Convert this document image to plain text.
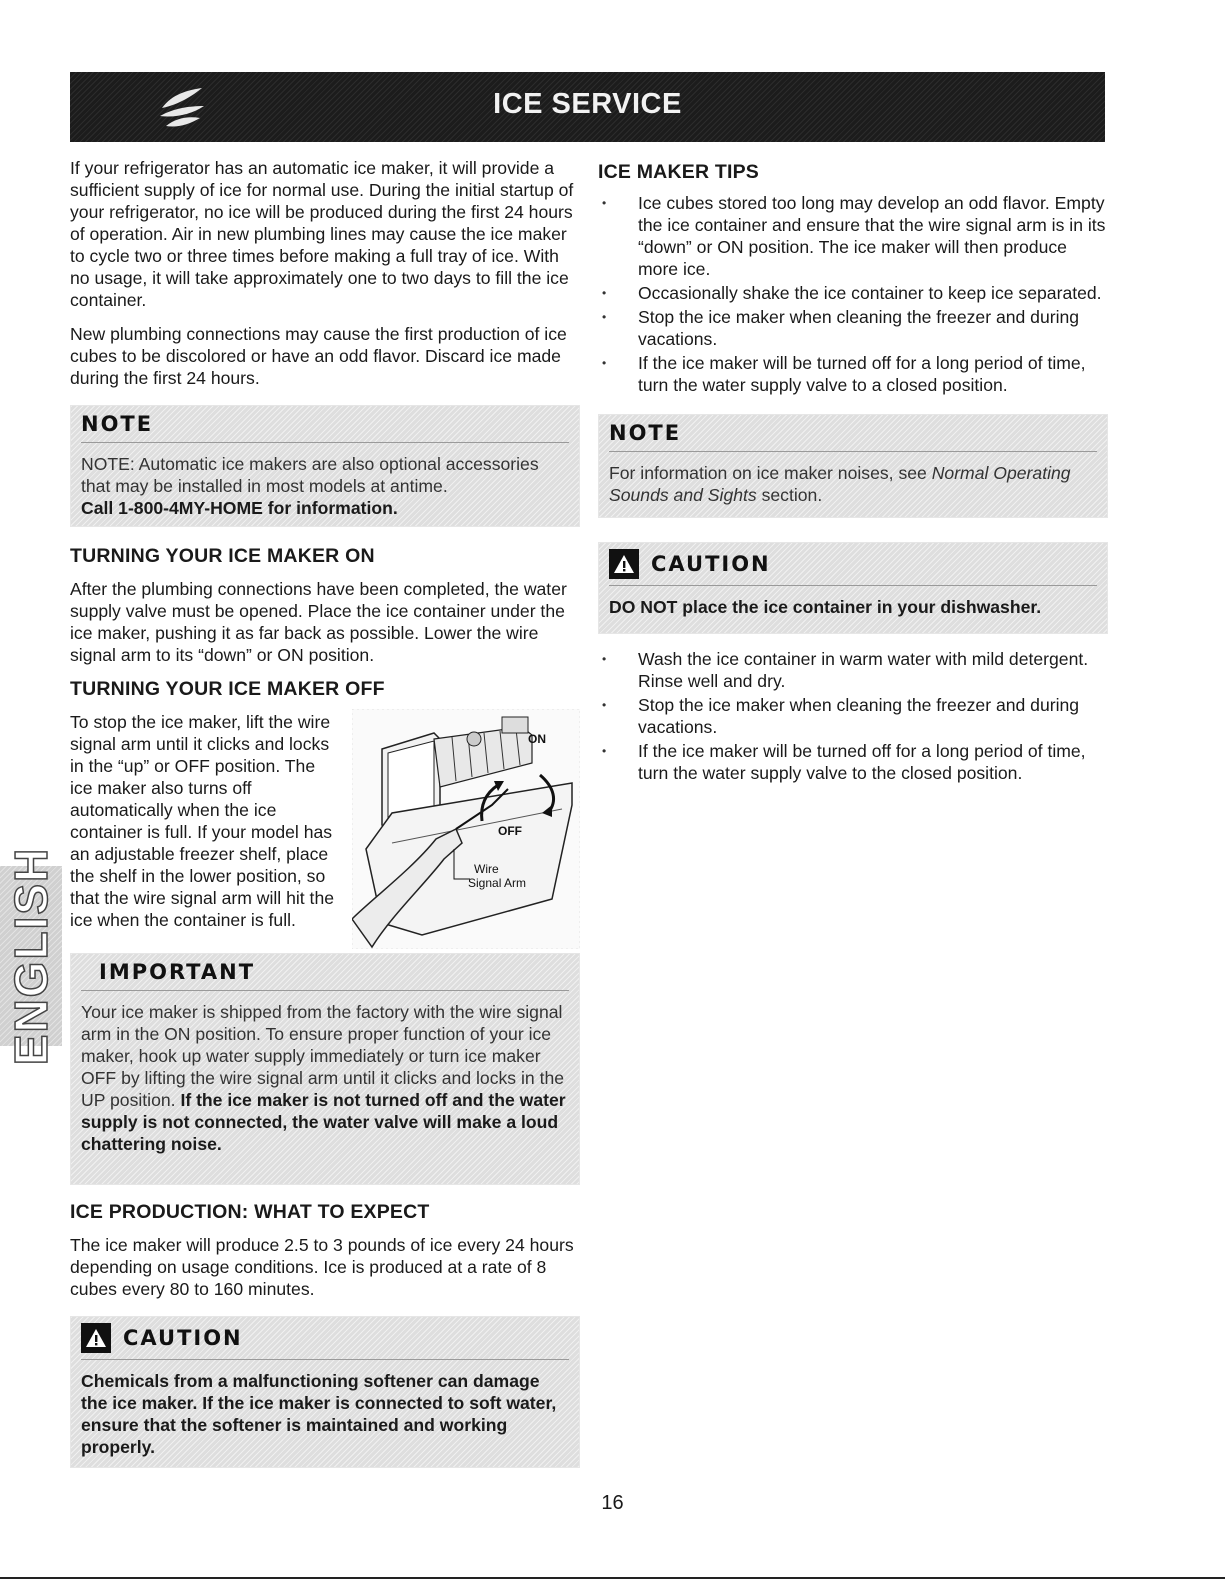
ICE SERVICE
ENGLISH

If your refrigerator has an automatic ice maker, it will provide a sufficient supply of ice for normal use. During the initial startup of your refrigerator, no ice will be produced during the first 24 hours of operation. Air in new plumbing lines may cause the ice maker to cycle two or three times before making a full tray of ice. With no usage, it will take approximately one to two days to fill the ice container.

New plumbing connections may cause the first production of ice cubes to be discolored or have an odd flavor. Discard ice made during the first 24 hours.

NOTE
NOTE: Automatic ice makers are also optional accessories that may be installed in most models at antime.
Call 1-800-4MY-HOME for information.
TURNING YOUR ICE MAKER ON

After the plumbing connections have been completed, the water supply valve must be opened. Place the ice container under the ice maker, pushing it as far back as possible. Lower the wire signal arm to its “down” or ON position.

TURNING YOUR ICE MAKER OFF
To stop the ice maker, lift the wire signal arm until it clicks and locks in the “up” or OFF position. The ice maker also turns off automatically when the ice container is full. If your model has an adjustable freezer shelf, place the shelf in the lower position, so that the wire signal arm will hit the ice when the container is full.
ON
OFF
Wire
Signal Arm
IMPORTANT
Your ice maker is shipped from the factory with the wire signal arm in the ON position. To ensure proper function of your ice maker, hook up water supply immediately or turn ice maker OFF by lifting the wire signal arm until it clicks and locks in the UP position. If the ice maker is not turned off and the water supply is not connected, the water valve will make a loud chattering noise.
ICE PRODUCTION: WHAT TO EXPECT

The ice maker will produce 2.5 to 3 pounds of ice every 24 hours depending on usage conditions. Ice is produced at a rate of 8 cubes every 80 to 160 minutes.

CAUTION
Chemicals from a malfunctioning softener can damage the ice maker. If the ice maker is connected to soft water, ensure that the softener is maintained and working properly.
ICE MAKER TIPS
• Ice cubes stored too long may develop an odd flavor. Empty the ice container and ensure that the wire signal arm is in its “down” or ON position. The ice maker will then produce more ice.
• Occasionally shake the ice container to keep ice separated.
• Stop the ice maker when cleaning the freezer and during vacations.
• If the ice maker will be turned off for a long period of time, turn the water supply valve to a closed position.
NOTE
For information on ice maker noises, see Normal Operating Sounds and Sights section.
CAUTION
DO NOT place the ice container in your dishwasher.
• Wash the ice container in warm water with mild detergent. Rinse well and dry.
• Stop the ice maker when cleaning the freezer and during vacations.
• If the ice maker will be turned off for a long period of time, turn the water supply valve to the closed position.
16
